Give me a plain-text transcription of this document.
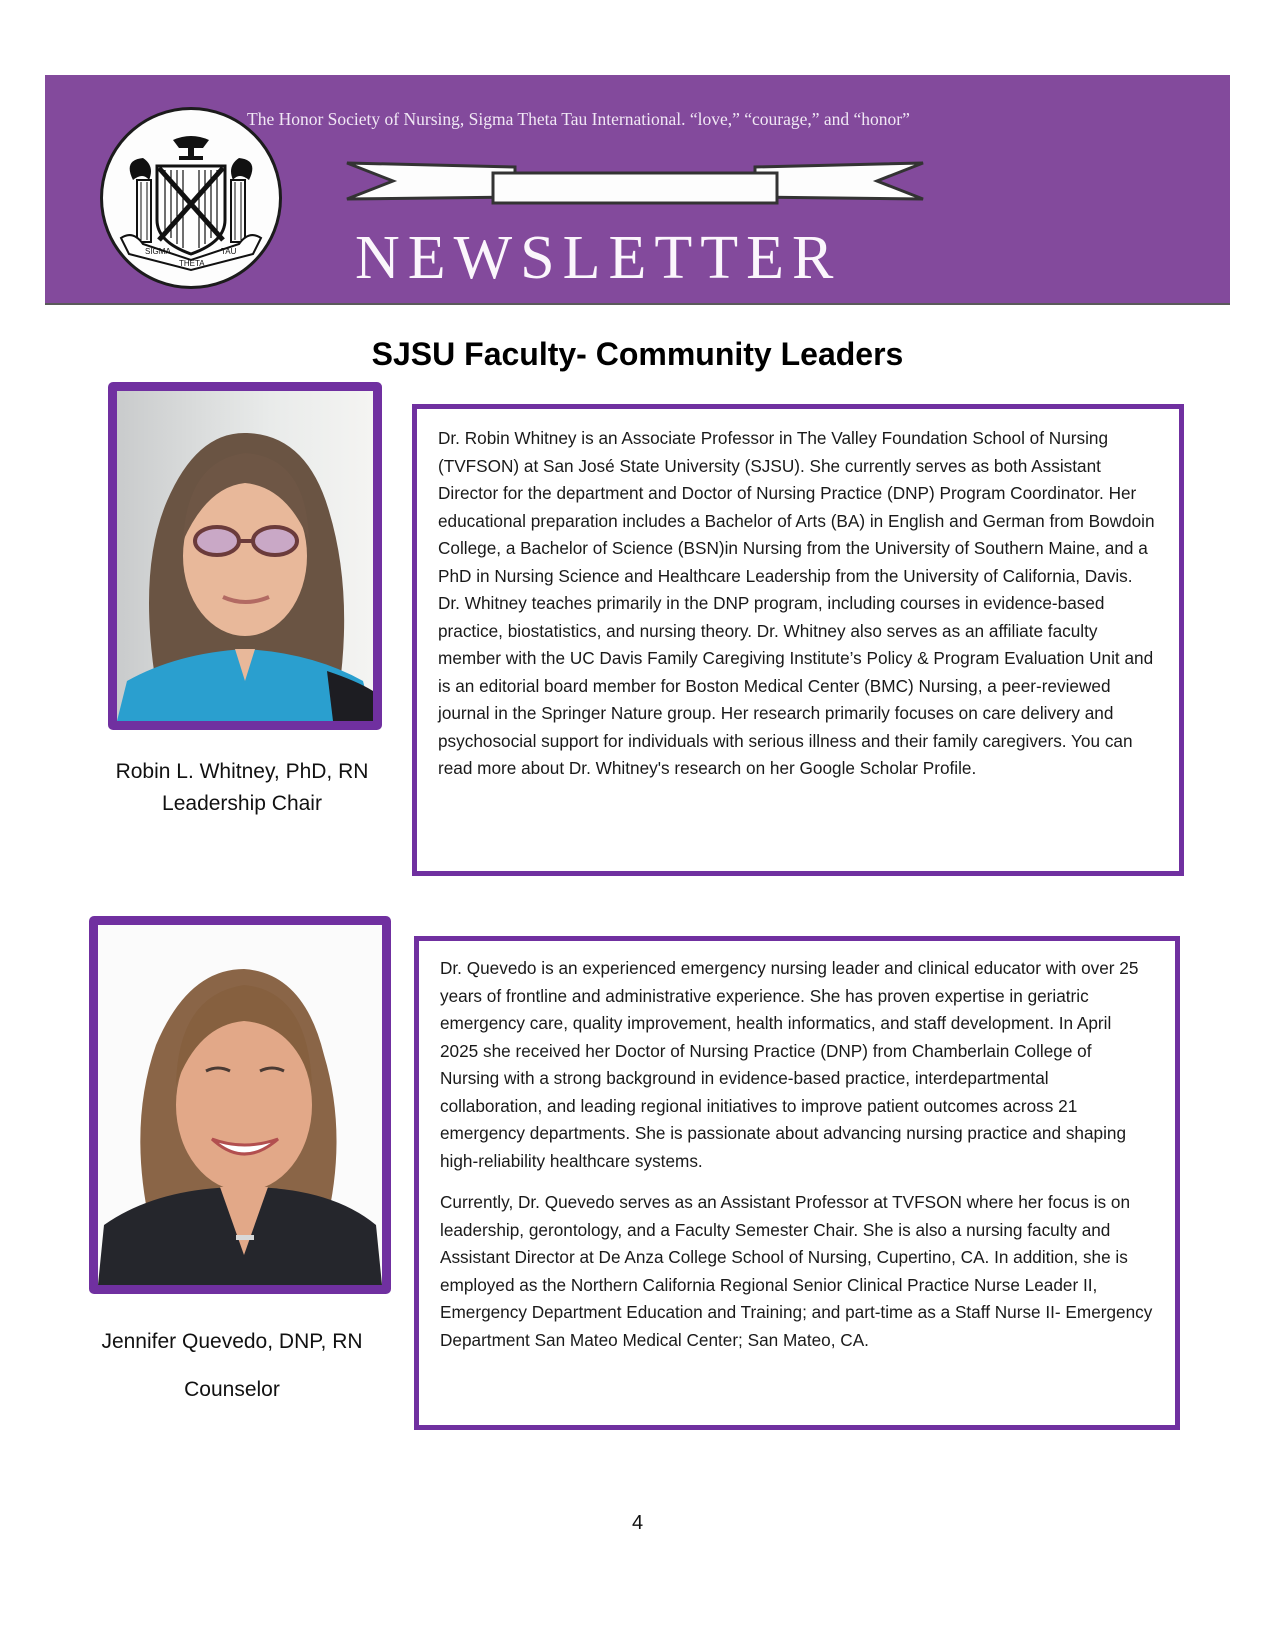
SIGMA
THETA
TAU
The Honor Society of Nursing, Sigma Theta Tau International. “love,” “courage,” and “honor”
NEWSLETTER
SJSU Faculty- Community Leaders
Robin L. Whitney, PhD, RN
Leadership Chair

Dr. Robin Whitney is an Associate Professor in The Valley Foundation School of Nursing (TVFSON) at San José State University (SJSU). She currently serves as both Assistant Director for the department and Doctor of Nursing Practice (DNP) Program Coordinator. Her educational preparation includes a Bachelor of Arts (BA) in English and German from Bowdoin College, a Bachelor of Science (BSN)in Nursing from the University of Southern Maine, and a PhD in Nursing Science and Healthcare Leadership from the University of California, Davis. Dr. Whitney teaches primarily in the DNP program, including courses in evidence-based practice, biostatistics, and nursing theory. Dr. Whitney also serves as an affiliate faculty member with the UC Davis Family Caregiving Institute’s Policy & Program Evaluation Unit and is an editorial board member for Boston Medical Center (BMC) Nursing, a peer-reviewed journal in the Springer Nature group. Her research primarily focuses on care delivery and psychosocial support for individuals with serious illness and their family caregivers. You can read more about Dr. Whitney's research on her Google Scholar Profile.

Jennifer Quevedo, DNP, RN
Counselor

Dr. Quevedo is an experienced emergency nursing leader and clinical educator with over 25 years of frontline and administrative experience. She has proven expertise in geriatric emergency care, quality improvement, health informatics, and staff development. In April 2025 she received her Doctor of Nursing Practice (DNP) from Chamberlain College of Nursing with a strong background in evidence-based practice, interdepartmental collaboration, and leading regional initiatives to improve patient outcomes across 21 emergency departments. She is passionate about advancing nursing practice and shaping high-reliability healthcare systems.

Currently, Dr. Quevedo serves as an Assistant Professor at TVFSON where her focus is on leadership, gerontology, and a Faculty Semester Chair. She is also a nursing faculty and Assistant Director at De Anza College School of Nursing, Cupertino, CA. In addition, she is employed as the Northern California Regional Senior Clinical Practice Nurse Leader II, Emergency Department Education and Training; and part-time as a Staff Nurse II- Emergency Department San Mateo Medical Center; San Mateo, CA.

4
